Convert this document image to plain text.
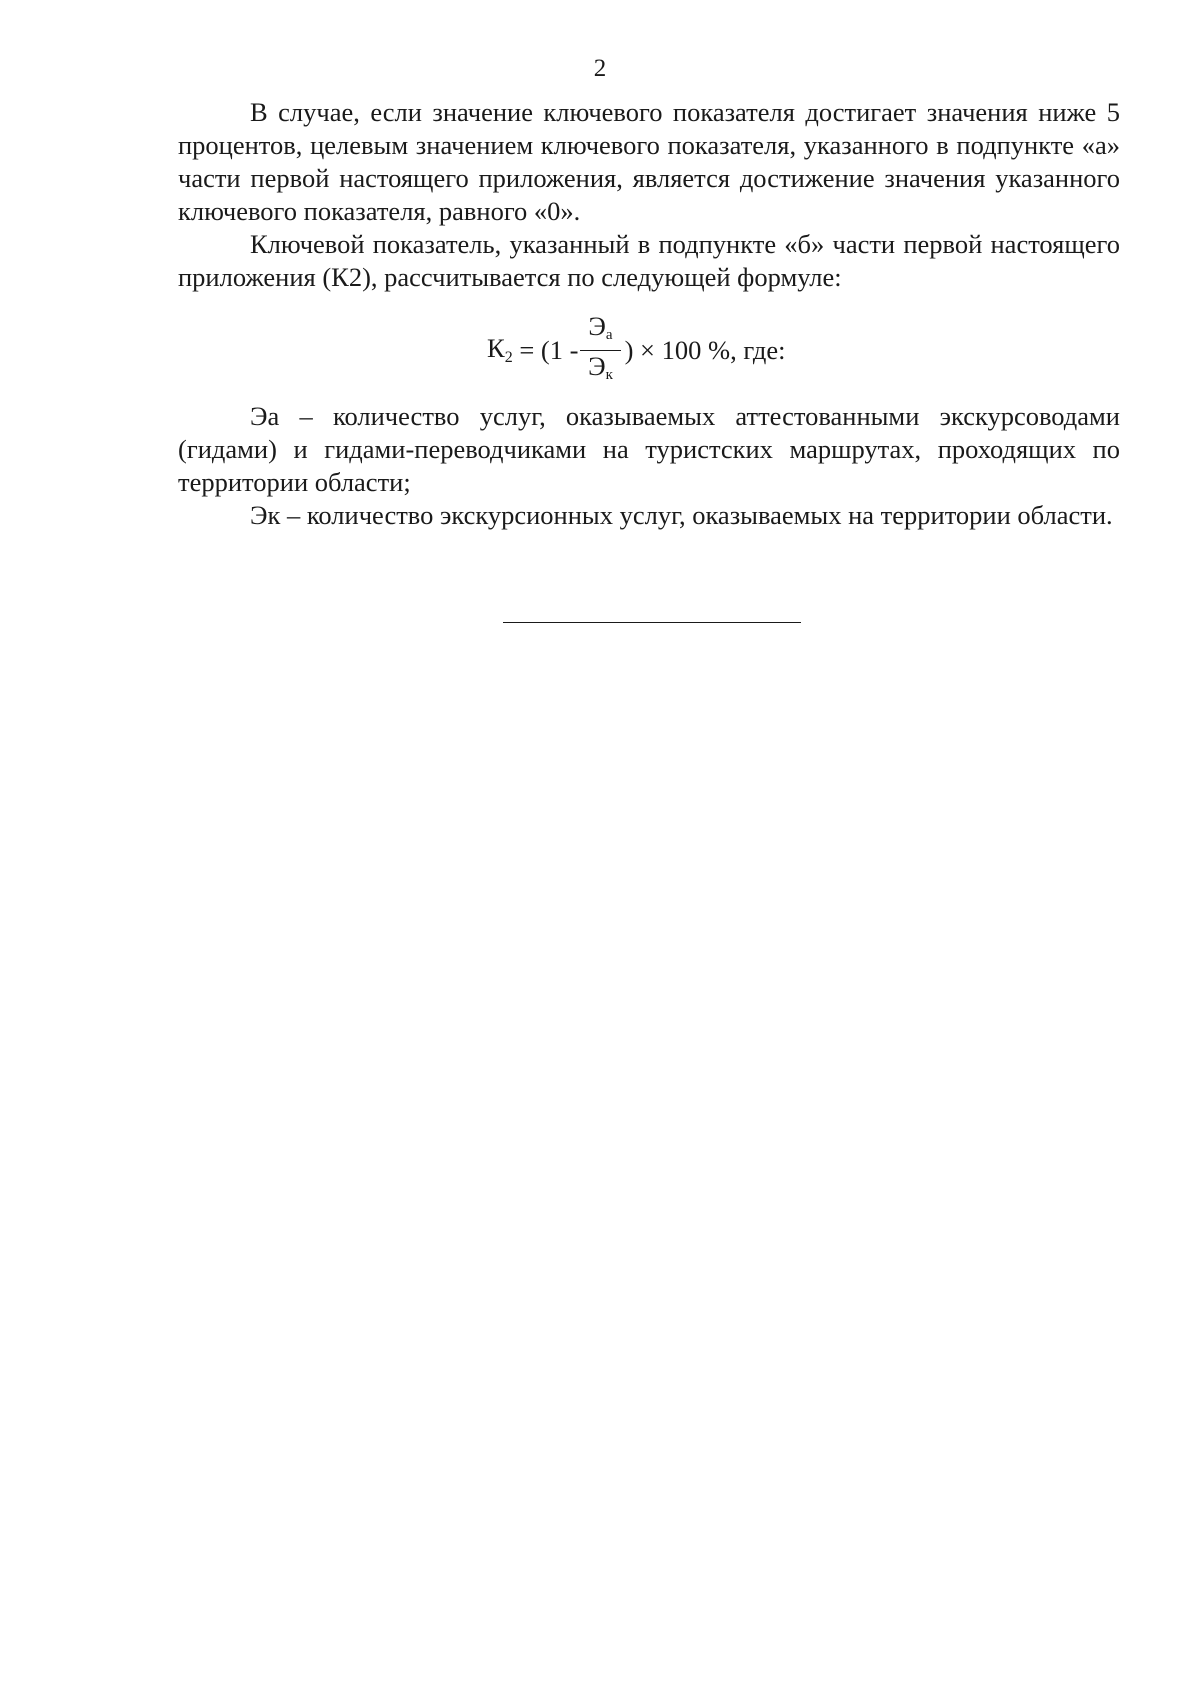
2

В случае, если значение ключевого показателя достигает значения ниже 5 процентов, целевым значением ключевого показателя, указанного в подпункте «а» части первой настоящего приложения, является достижение значения указанного ключевого показателя, равного «0».

Ключевой показатель, указанный в подпункте «б» части первой настоящего приложения (К2), рассчитывается по следующей формуле:

$К_2 = (1 - \frac{Э_а}{Э_к}$ ) × 100 %, где:

Эа – количество услуг, оказываемых аттестованными экскурсоводами (гидами) и гидами-переводчиками на туристских маршрутах, проходящих по территории области;

Эк – количество экскурсионных услуг, оказываемых на территории области.
